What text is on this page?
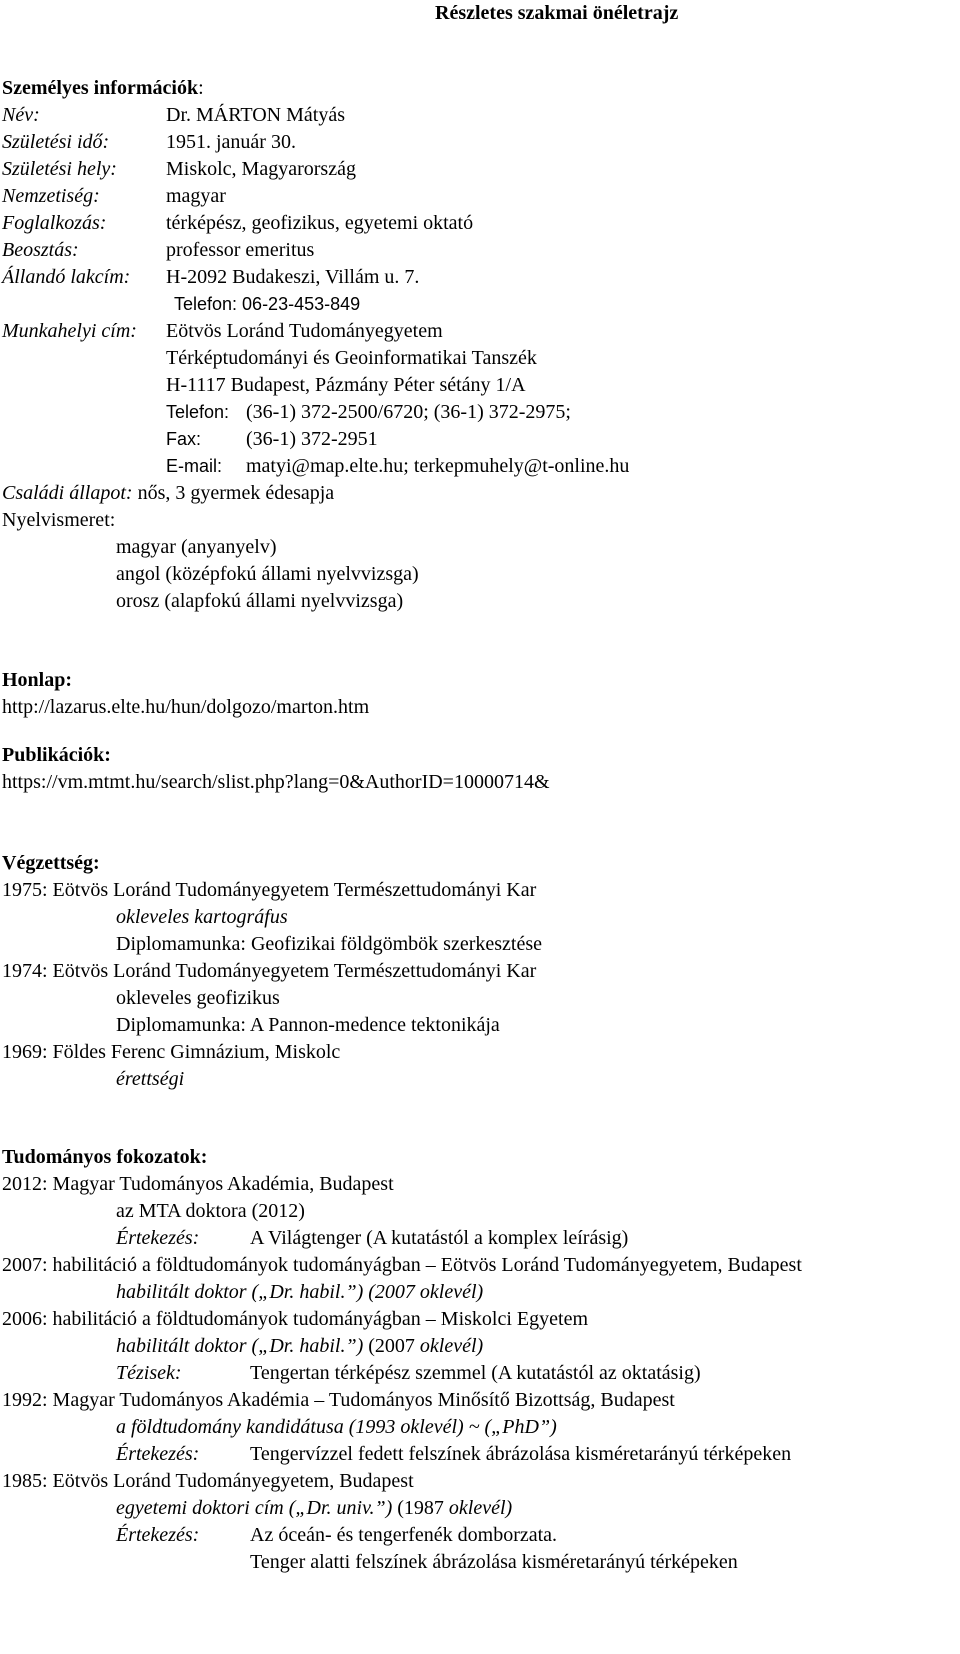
Részletes szakmai önéletrajz
Személyes információk:
Név:	Dr. MÁRTON Mátyás
Születési idő:	1951. január 30.
Születési hely: Miskolc, Magyarország
Nemzetiség:	magyar
Foglalkozás:	térképész, geofizikus, egyetemi oktató
Beosztás:	professor emeritus
Állandó lakcím: H-2092 Budakeszi, Villám u. 7.
Telefon: 06-23-453-849
Munkahelyi cím: Eötvös Loránd Tudományegyetem
Térképtudományi és Geoinformatikai Tanszék
H-1117 Budapest, Pázmány Péter sétány 1/A
Telefon: (36-1) 372-2500/6720; (36-1) 372-2975;
Fax: (36-1) 372-2951
E-mail: matyi@map.elte.hu; terkepmuhely@t-online.hu
Családi állapot: nős, 3 gyermek édesapja
Nyelvismeret:
magyar (anyanyelv)
angol (középfokú állami nyelvvizsga)
orosz (alapfokú állami nyelvvizsga)
Honlap:
http://lazarus.elte.hu/hun/dolgozo/marton.htm
Publikációk:
https://vm.mtmt.hu/search/slist.php?lang=0&AuthorID=10000714&
Végzettség:
1975: Eötvös Loránd Tudományegyetem Természettudományi Kar
okleveles kartográfus
Diplomamunka: Geofizikai földgömbök szerkesztése
1974: Eötvös Loránd Tudományegyetem Természettudományi Kar
okleveles geofizikus
Diplomamunka: A Pannon-medence tektonikája
1969: Földes Ferenc Gimnázium, Miskolc
érettségi
Tudományos fokozatok:
2012: Magyar Tudományos Akadémia, Budapest
az MTA doktora (2012)
Értekezés:	A Világtenger (A kutatástól a komplex leírásig)
2007: habilitáció a földtudományok tudományágban – Eötvös Loránd Tudományegyetem, Budapest
habilitált doktor („Dr. habil.”) (2007 oklevél)
2006: habilitáció a földtudományok tudományágban – Miskolci Egyetem
habilitált doktor („Dr. habil.”) (2007 oklevél)
Tézisek:	Tengertan térképész szemmel (A kutatástól az oktatásig)
1992: Magyar Tudományos Akadémia – Tudományos Minősítő Bizottság, Budapest
a földtudomány kandidátusa (1993 oklevél) ~ („PhD”)
Értekezés:	Tengervízzel fedett felszínek ábrázolása kisméretarányú térképeken
1985: Eötvös Loránd Tudományegyetem, Budapest
egyetemi doktori cím („Dr. univ.”) (1987 oklevél)
Értekezés:	Az óceán- és tengerfenék domborzata.
Tenger alatti felszínek ábrázolása kisméretarányú térképeken
